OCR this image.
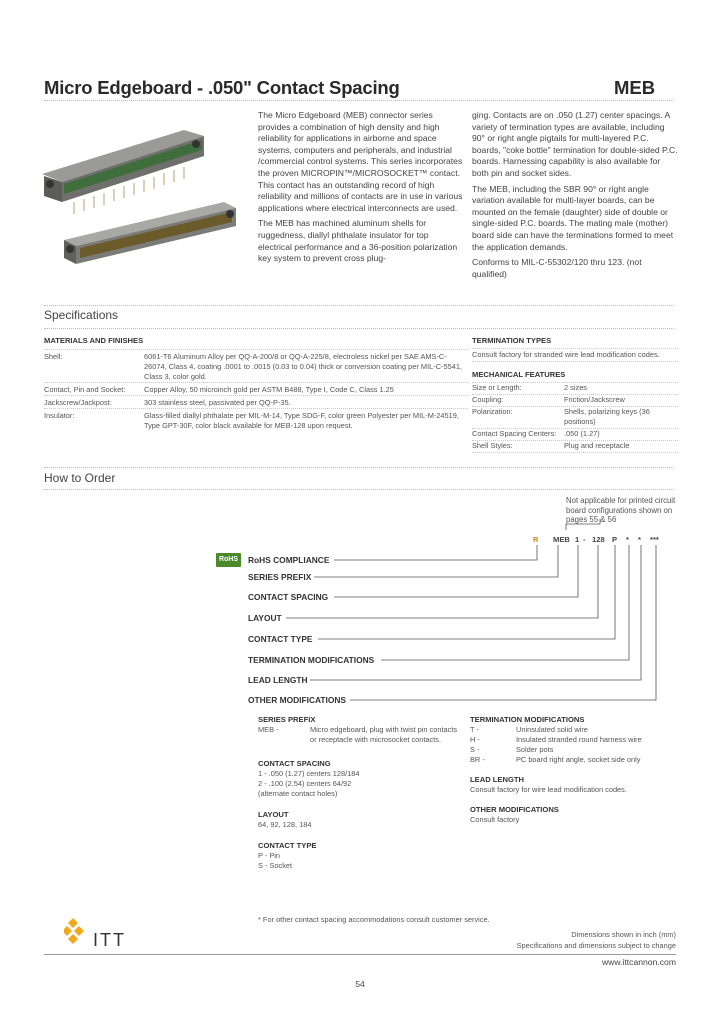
Micro Edgeboard - .050" Contact Spacing	MEB

The Micro Edgeboard (MEB) connector series provides a combination of high density and high reliability for applications in airborne and space systems, computers and peripherals, and industrial /commercial control systems. This series incorporates the proven MICROPIN™/MICROSOCKET™ contact. This contact has an outstanding record of high reliability and millions of contacts are in use in various applications where electrical interconnects are used.

The MEB has machined aluminum shells for ruggedness, diallyl phthalate insulator for top electrical performance and a 36-position polarization key system to prevent cross plug-

ging. Contacts are on .050 (1.27) center spacings. A variety of termination types are available, including 90° or right angle pigtails for multi-layered P.C. boards, "coke bottle" termination for double-sided P.C. boards. Harnessing capability is also available for both pin and socket sides.

The MEB, including the SBR 90° or right angle variation available for multi-layer boards, can be mounted on the female (daughter) side of double or single-sided P.C. boards. The mating male (mother) board side can have the terminations formed to meet the application demands.

Conforms to MIL-C-55302/120 thru 123. (not qualified)

Specifications
MATERIALS AND FINISHES
Shell:	6061-T6 Aluminum Alloy per QQ-A-200/8 or QQ-A-225/8, electroless nickel per SAE AMS-C-26074, Class 4, coating .0001 to .0015 (0.03 to 0.04) thick or conversion coating per MIL-C-5541, Class 3, color gold.
Contact, Pin and Socket:	Copper Alloy, 50 microinch gold per ASTM B488, Type I, Code C, Class 1.25
Jackscrew/Jackpost:	303 stainless steel, passivated per QQ-P-35.
Insulator:	Glass-filled diallyl phthalate per MIL-M-14, Type SDG-F, color green Polyester per MIL-M-24519, Type GPT-30F, color black available for MEB-128 upon request.
TERMINATION TYPES
Consult factory for stranded wire lead modification codes.
MECHANICAL FEATURES
Size or Length:	2 sizes
Coupling:	Friction/Jackscrew
Polarization:	Shells, polarizing keys (36 positions)
Contact Spacing Centers:	.050 (1.27)
Shell Styles:	Plug and receptacle
How to Order
Not applicable for printed circuit board configurations shown on pages 55 & 56
R MEB 1 - 128 P * * ***
RoHS	RoHS COMPLIANCE
SERIES PREFIX
CONTACT SPACING
LAYOUT
CONTACT TYPE
TERMINATION MODIFICATIONS
LEAD LENGTH
OTHER MODIFICATIONS
SERIES PREFIX
MEB -	Micro edgeboard, plug with twist pin contacts or receptacle with microsocket contacts.
CONTACT SPACING
1 - .050 (1.27) centers 128/184
2 - .100 (2.54) centers 64/92
(alternate contact holes)
LAYOUT
64, 92, 128, 184
CONTACT TYPE
P - Pin
S - Socket
* For other contact spacing accommodations consult customer service.
TERMINATION MODIFICATIONS
T -	Uninsulated solid wire
H -	Insulated stranded round harness wire
S -	Solder pots
BR -	PC board right angle, socket side only
LEAD LENGTH
Consult factory for wire lead modification codes.
OTHER MODIFICATIONS
Consult factory
ITT	Dimensions shown in inch (mm)
Specifications and dimensions subject to change
www.ittcannon.com
54
